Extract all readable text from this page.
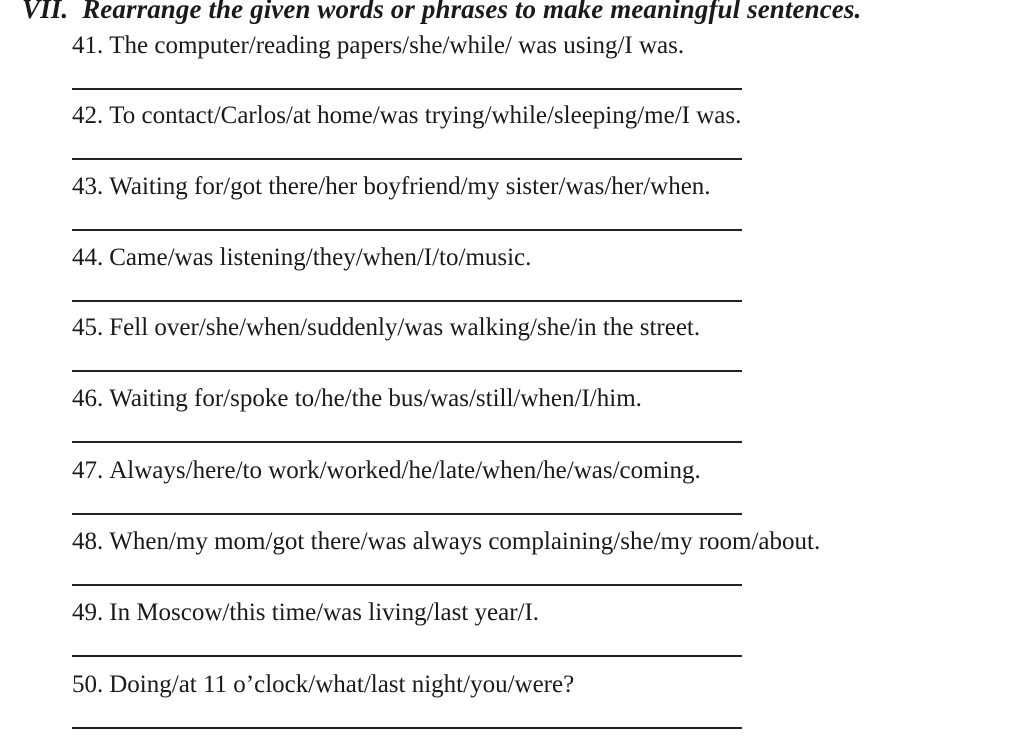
VII. Rearrange the given words or phrases to make meaningful sentences.
41. The computer/reading papers/she/while/ was using/I was.
42. To contact/Carlos/at home/was trying/while/sleeping/me/I was.
43. Waiting for/got there/her boyfriend/my sister/was/her/when.
44. Came/was listening/they/when/I/to/music.
45. Fell over/she/when/suddenly/was walking/she/in the street.
46. Waiting for/spoke to/he/the bus/was/still/when/I/him.
47. Always/here/to work/worked/he/late/when/he/was/coming.
48. When/my mom/got there/was always complaining/she/my room/about.
49. In Moscow/this time/was living/last year/I.
50. Doing/at 11 o’clock/what/last night/you/were?
